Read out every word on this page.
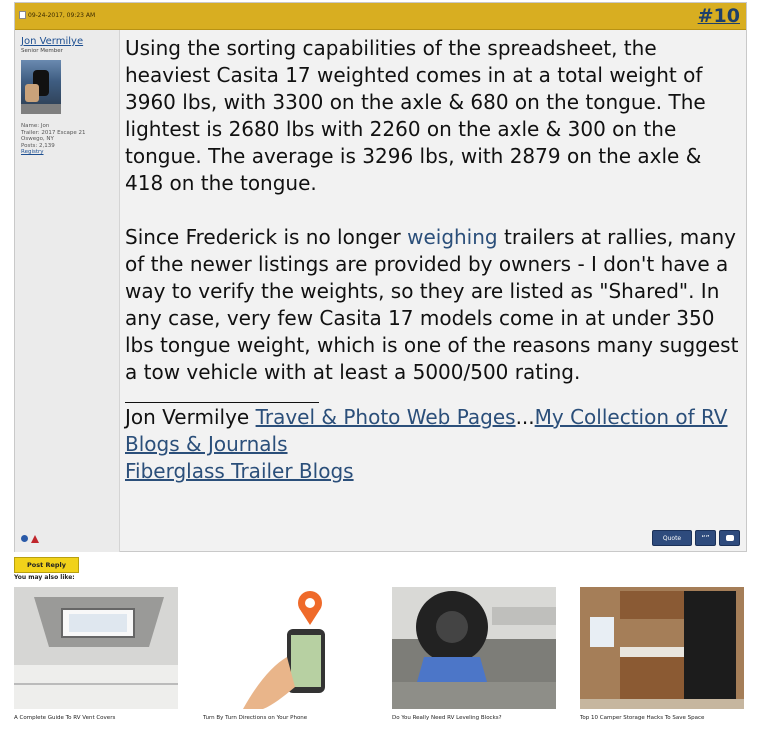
09-24-2017, 09:23 AM	#10
Jon Vermilye
Senior Member
Name: Jon
Trailer: 2017 Escape 21
Oswego, NY
Posts: 2,139
Registry

Using the sorting capabilities of the spreadsheet, the heaviest Casita 17 weighted comes in at a total weight of 3960 lbs, with 3300 on the axle & 680 on the tongue. The lightest is 2680 lbs with 2260 on the axle & 300 on the tongue. The average is 3296 lbs, with 2879 on the axle & 418 on the tongue.

Since Frederick is no longer weighing trailers at rallies, many of the newer listings are provided by owners - I don't have a way to verify the weights, so they are listed as "Shared". In any case, very few Casita 17 models come in at under 350 lbs tongue weight, which is one of the reasons many suggest a tow vehicle with at least a 5000/500 rating.

Jon Vermilye Travel & Photo Web Pages...My Collection of RV Blogs & Journals
Fiberglass Trailer Blogs

Quote	“”
Post Reply
You may also like:
A Complete Guide To RV Vent Covers	Turn By Turn Directions on Your Phone	Do You Really Need RV Leveling Blocks?	Top 10 Camper Storage Hacks To Save Space
